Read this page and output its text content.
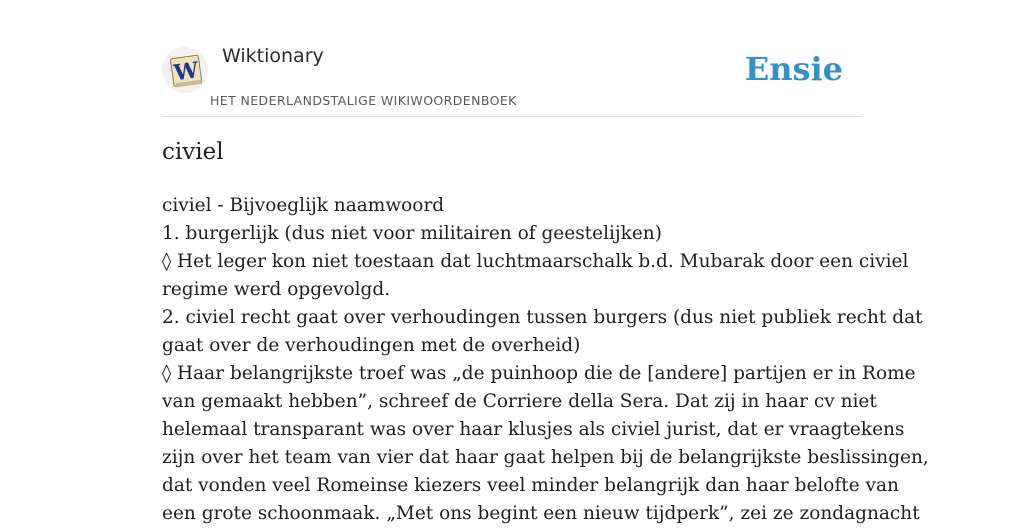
W
Wiktionary
HET NEDERLANDSTALIGE WIKIWOORDENBOEK
Ensie
civiel
civiel - Bijvoeglijk naamwoord
1. burgerlijk (dus niet voor militairen of geestelijken)
◊ Het leger kon niet toestaan dat luchtmaarschalk b.d. Mubarak door een civiel
regime werd opgevolgd.
2. civiel recht gaat over verhoudingen tussen burgers (dus niet publiek recht dat
gaat over de verhoudingen met de overheid)
◊ Haar belangrijkste troef was „de puinhoop die de [andere] partijen er in Rome
van gemaakt hebben”, schreef de Corriere della Sera. Dat zij in haar cv niet
helemaal transparant was over haar klusjes als civiel jurist, dat er vraagtekens
zijn over het team van vier dat haar gaat helpen bij de belangrijkste beslissingen,
dat vonden veel Romeinse kiezers veel minder belangrijk dan haar belofte van
een grote schoonmaak. „Met ons begint een nieuw tijdperk”, zei ze zondagnacht
